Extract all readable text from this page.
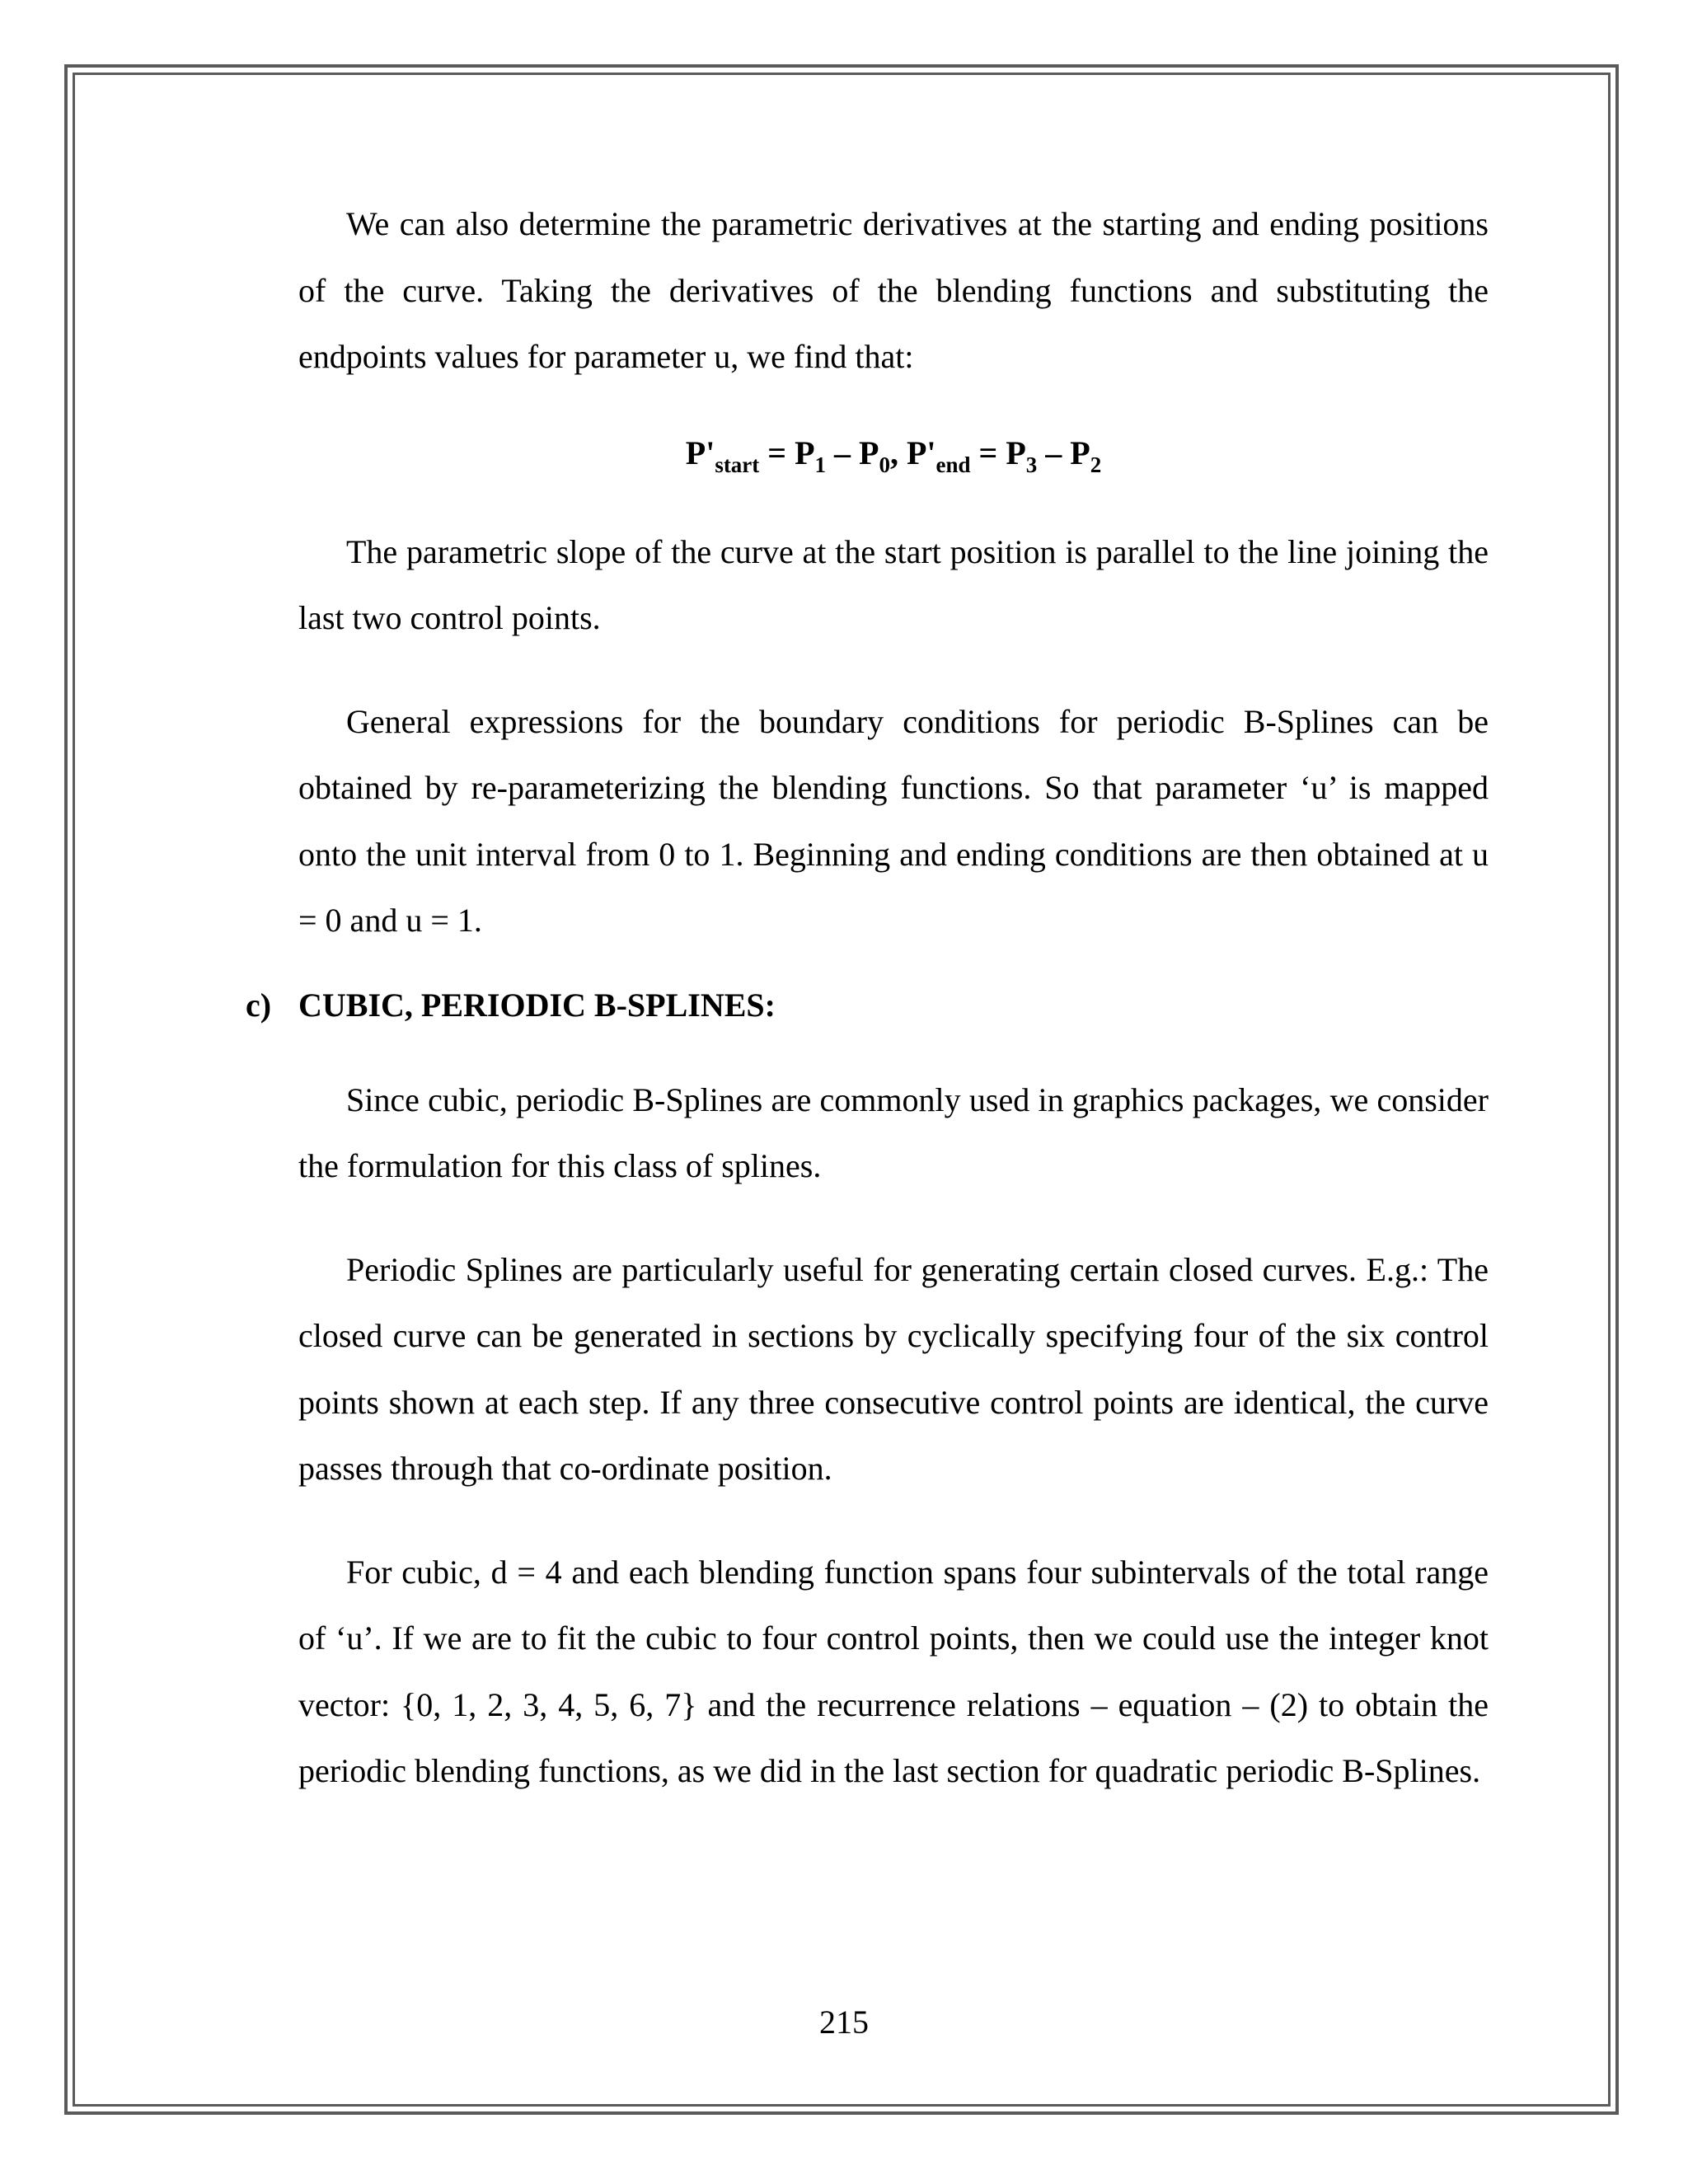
We can also determine the parametric derivatives at the starting and ending positions of the curve. Taking the derivatives of the blending functions and substituting the endpoints values for parameter u, we find that:

$P'_{start} = P_1 - P_0$, $P'_{end} = P_3 - P_2$

The parametric slope of the curve at the start position is parallel to the line joining the last two control points.

General expressions for the boundary conditions for periodic B-Splines can be obtained by re-parameterizing the blending functions. So that parameter ‘u’ is mapped onto the unit interval from 0 to 1. Beginning and ending conditions are then obtained at u = 0 and u = 1.

c) CUBIC, PERIODIC B-SPLINES:

Since cubic, periodic B-Splines are commonly used in graphics packages, we consider the formulation for this class of splines.

Periodic Splines are particularly useful for generating certain closed curves. E.g.: The closed curve can be generated in sections by cyclically specifying four of the six control points shown at each step. If any three consecutive control points are identical, the curve passes through that co-ordinate position.

For cubic, d = 4 and each blending function spans four subintervals of the total range of ‘u’. If we are to fit the cubic to four control points, then we could use the integer knot vector: {0, 1, 2, 3, 4, 5, 6, 7} and the recurrence relations – equation – (2) to obtain the periodic blending functions, as we did in the last section for quadratic periodic B-Splines.

215
